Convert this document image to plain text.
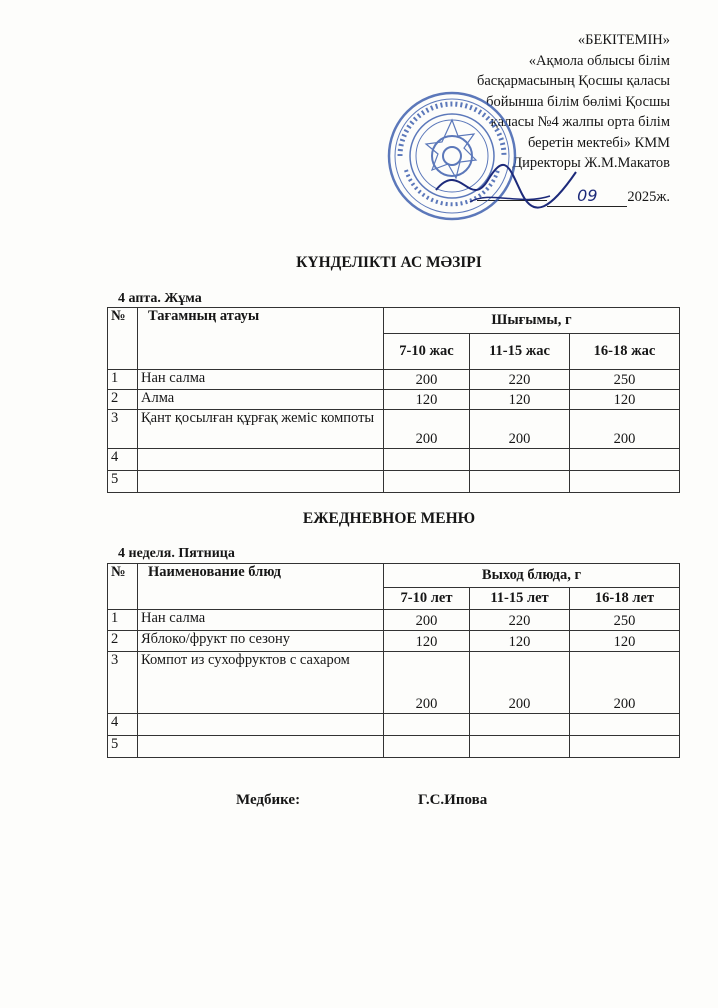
«БЕКІТЕМІН»
«Ақмола облысы білім
басқармасының Қосшы қаласы
бойынша білім бөлімі Қосшы
қаласы №4 жалпы орта білім
беретін мектебі» КММ
Директоры Ж.М.Макатов
09 2025ж.
КҮНДЕЛІКТІ АС МӘЗІРІ
4 апта. Жұма
№	Тағамның атауы	Шығымы, г		
		7-10 жас	11-15 жас	16-18 жас
1	Нан салма	200	220	250
2	Алма	120	120	120
3	Қант қосылған құрғақ жеміс компоты	200	200	200
4				
5				
ЕЖЕДНЕВНОЕ МЕНЮ
4 неделя. Пятница
№	Наименование блюд	Выход блюда, г		
		7-10 лет	11-15 лет	16-18 лет
1	Нан салма	200	220	250
2	Яблоко/фрукт по сезону	120	120	120
3	Компот из сухофруктов с сахаром	200	200	200
4				
5				
Медбике:	Г.С.Ипова
